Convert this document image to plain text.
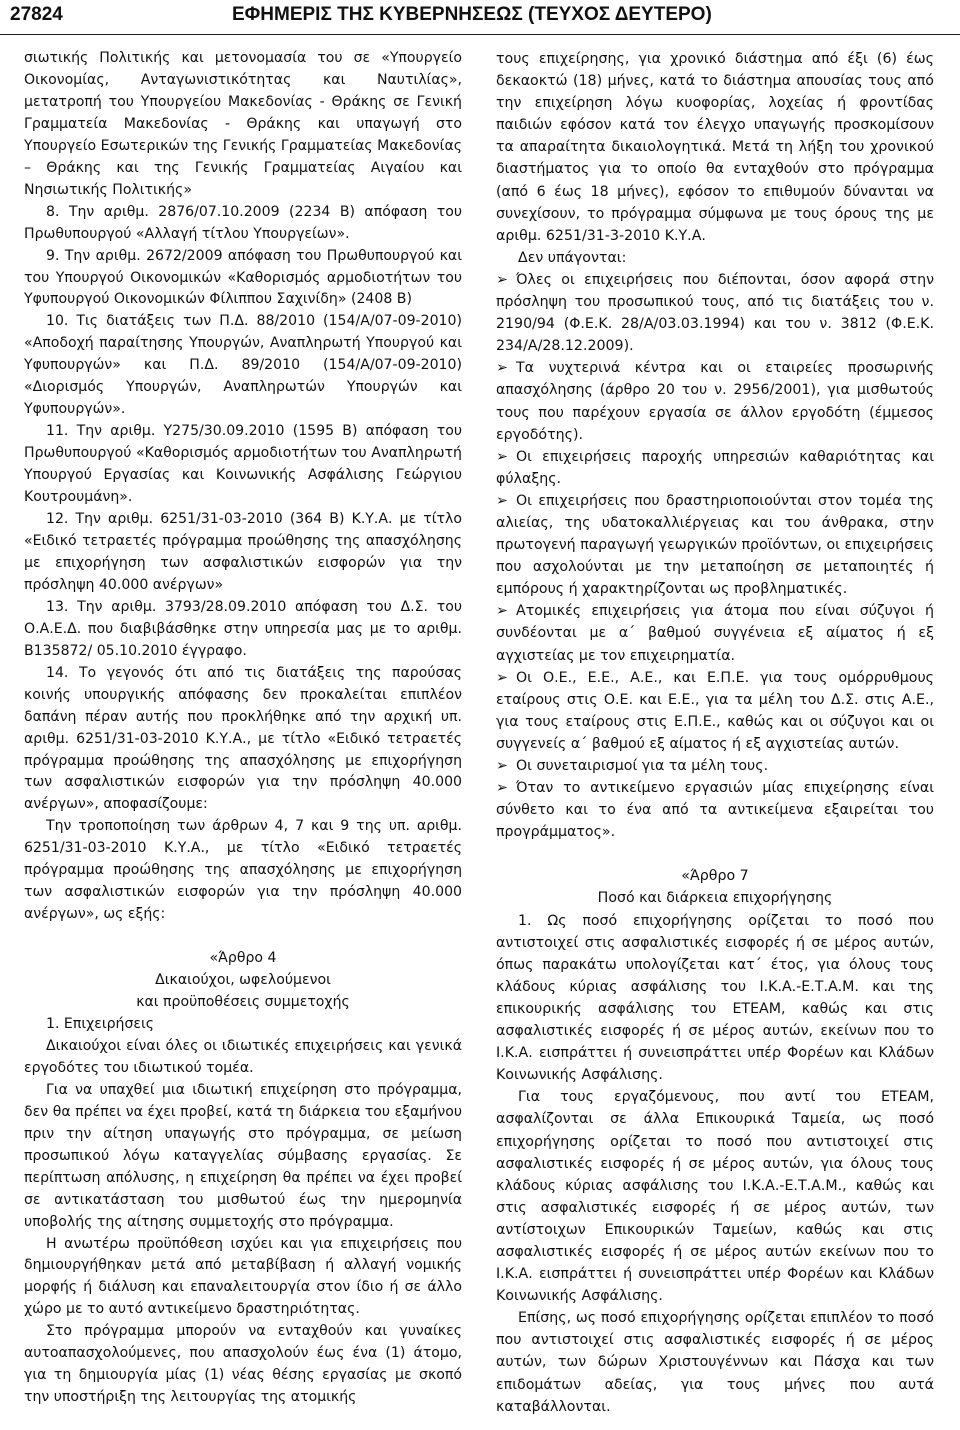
27824	ΕΦΗΜΕΡΙΣ ΤΗΣ ΚΥΒΕΡΝΗΣΕΩΣ (ΤΕΥΧΟΣ ΔΕΥΤΕΡΟ)

σιωτικής Πολιτικής και μετονομασία του σε «Υπουργείο Οικονομίας, Ανταγωνιστικότητας και Ναυτιλίας», μετατροπή του Υπουργείου Μακεδονίας - Θράκης σε Γενική Γραμματεία Μακεδονίας - Θράκης και υπαγωγή στο Υπουργείο Εσωτερικών της Γενικής Γραμματείας Μακεδονίας – Θράκης και της Γενικής Γραμματείας Αιγαίου και Νησιωτικής Πολιτικής»

8. Την αριθμ. 2876/07.10.2009 (2234 Β) απόφαση του Πρωθυπουργού «Αλλαγή τίτλου Υπουργείων».

9. Την αριθμ. 2672/2009 απόφαση του Πρωθυπουργού και του Υπουργού Οικονομικών «Καθορισμός αρμοδιοτήτων του Υφυπουργού Οικονομικών Φίλιππου Σαχινίδη» (2408 Β)

10. Τις διατάξεις των Π.Δ. 88/2010 (154/Α/07-09-2010) «Αποδοχή παραίτησης Υπουργών, Αναπληρωτή Υπουργού και Υφυπουργών» και Π.Δ. 89/2010 (154/Α/07-09-2010) «Διορισμός Υπουργών, Αναπληρωτών Υπουργών και Υφυπουργών».

11. Την αριθμ. Υ275/30.09.2010 (1595 Β) απόφαση του Πρωθυπουργού «Καθορισμός αρμοδιοτήτων του Αναπληρωτή Υπουργού Εργασίας και Κοινωνικής Ασφάλισης Γεώργιου Κουτρουμάνη».

12. Την αριθμ. 6251/31-03-2010 (364 Β) Κ.Υ.Α. με τίτλο «Ειδικό τετραετές πρόγραμμα προώθησης της απασχόλησης με επιχορήγηση των ασφαλιστικών εισφορών για την πρόσληψη 40.000 ανέργων»

13. Την αριθμ. 3793/28.09.2010 απόφαση του Δ.Σ. του Ο.Α.Ε.Δ. που διαβιβάσθηκε στην υπηρεσία μας με το αριθμ. Β135872/ 05.10.2010 έγγραφο.

14. Το γεγονός ότι από τις διατάξεις της παρούσας κοινής υπουργικής απόφασης δεν προκαλείται επιπλέον δαπάνη πέραν αυτής που προκλήθηκε από την αρχική υπ. αριθμ. 6251/31-03-2010 Κ.Υ.Α., με τίτλο «Ειδικό τετραετές πρόγραμμα προώθησης της απασχόλησης με επιχορήγηση των ασφαλιστικών εισφορών για την πρόσληψη 40.000 ανέργων», αποφασίζουμε:

Την τροποποίηση των άρθρων 4, 7 και 9 της υπ. αριθμ. 6251/31-03-2010 Κ.Υ.Α., με τίτλο «Ειδικό τετραετές πρόγραμμα προώθησης της απασχόλησης με επιχορήγηση των ασφαλιστικών εισφορών για την πρόσληψη 40.000 ανέργων», ως εξής:

«Άρθρο 4

Δικαιούχοι, ωφελούμενοι

και προϋποθέσεις συμμετοχής

1. Επιχειρήσεις

Δικαιούχοι είναι όλες οι ιδιωτικές επιχειρήσεις και γενικά εργοδότες του ιδιωτικού τομέα.

Για να υπαχθεί μια ιδιωτική επιχείρηση στο πρόγραμμα, δεν θα πρέπει να έχει προβεί, κατά τη διάρκεια του εξαμήνου πριν την αίτηση υπαγωγής στο πρόγραμμα, σε μείωση προσωπικού λόγω καταγγελίας σύμβασης εργασίας. Σε περίπτωση απόλυσης, η επιχείρηση θα πρέπει να έχει προβεί σε αντικατάσταση του μισθωτού έως την ημερομηνία υποβολής της αίτησης συμμετοχής στο πρόγραμμα.

Η ανωτέρω προϋπόθεση ισχύει και για επιχειρήσεις που δημιουργήθηκαν μετά από μεταβίβαση ή αλλαγή νομικής μορφής ή διάλυση και επαναλειτουργία στον ίδιο ή σε άλλο χώρο με το αυτό αντικείμενο δραστηριότητας.

Στο πρόγραμμα μπορούν να ενταχθούν και γυναίκες αυτοαπασχολούμενες, που απασχολούν έως ένα (1) άτομο, για τη δημιουργία μίας (1) νέας θέσης εργασίας με σκοπό την υποστήριξη της λειτουργίας της ατομικής

τους επιχείρησης, για χρονικό διάστημα από έξι (6) έως δεκαοκτώ (18) μήνες, κατά το διάστημα απουσίας τους από την επιχείρηση λόγω κυοφορίας, λοχείας ή φροντίδας παιδιών εφόσον κατά τον έλεγχο υπαγωγής προσκομίσουν τα απαραίτητα δικαιολογητικά. Μετά τη λήξη του χρονικού διαστήματος για το οποίο θα ενταχθούν στο πρόγραμμα (από 6 έως 18 μήνες), εφόσον το επιθυμούν δύνανται να συνεχίσουν, το πρόγραμμα σύμφωνα με τους όρους της με αριθμ. 6251/31-3-2010 Κ.Υ.Α.

Δεν υπάγονται:

➢ Όλες οι επιχειρήσεις που διέπονται, όσον αφορά στην πρόσληψη του προσωπικού τους, από τις διατάξεις του ν. 2190/94 (Φ.Ε.Κ. 28/Α/03.03.1994) και του ν. 3812 (Φ.Ε.Κ. 234/Α/28.12.2009).

➢ Τα νυχτερινά κέντρα και οι εταιρείες προσωρινής απασχόλησης (άρθρο 20 του ν. 2956/2001), για μισθωτούς τους που παρέχουν εργασία σε άλλον εργοδότη (έμμεσος εργοδότης).

➢ Οι επιχειρήσεις παροχής υπηρεσιών καθαριότητας και φύλαξης.

➢ Οι επιχειρήσεις που δραστηριοποιούνται στον τομέα της αλιείας, της υδατοκαλλιέργειας και του άνθρακα, στην πρωτογενή παραγωγή γεωργικών προϊόντων, οι επιχειρήσεις που ασχολούνται με την μεταποίηση σε μεταποιητές ή εμπόρους ή χαρακτηρίζονται ως προβληματικές.

➢ Ατομικές επιχειρήσεις για άτομα που είναι σύζυγοι ή συνδέονται με α΄ βαθμού συγγένεια εξ αίματος ή εξ αγχιστείας με τον επιχειρηματία.

➢ Οι Ο.Ε., Ε.Ε., Α.Ε., και Ε.Π.Ε. για τους ομόρρυθμους εταίρους στις Ο.Ε. και Ε.Ε., για τα μέλη του Δ.Σ. στις Α.Ε., για τους εταίρους στις Ε.Π.Ε., καθώς και οι σύζυγοι και οι συγγενείς α΄ βαθμού εξ αίματος ή εξ αγχιστείας αυτών.

➢ Οι συνεταιρισμοί για τα μέλη τους.

➢ Όταν το αντικείμενο εργασιών μίας επιχείρησης είναι σύνθετο και το ένα από τα αντικείμενα εξαιρείται του προγράμματος».

«Άρθρο 7

Ποσό και διάρκεια επιχορήγησης

1. Ως ποσό επιχορήγησης ορίζεται το ποσό που αντιστοιχεί στις ασφαλιστικές εισφορές ή σε μέρος αυτών, όπως παρακάτω υπολογίζεται κατ΄ έτος, για όλους τους κλάδους κύριας ασφάλισης του Ι.Κ.Α.-Ε.Τ.Α.Μ. και της επικουρικής ασφάλισης του ΕΤΕΑΜ, καθώς και στις ασφαλιστικές εισφορές ή σε μέρος αυτών, εκείνων που το Ι.Κ.Α. εισπράττει ή συνεισπράττει υπέρ Φορέων και Κλάδων Κοινωνικής Ασφάλισης.

Για τους εργαζόμενους, που αντί του ΕΤΕΑΜ, ασφαλίζονται σε άλλα Επικουρικά Ταμεία, ως ποσό επιχορήγησης ορίζεται το ποσό που αντιστοιχεί στις ασφαλιστικές εισφορές ή σε μέρος αυτών, για όλους τους κλάδους κύριας ασφάλισης του Ι.Κ.Α.-Ε.Τ.Α.Μ., καθώς και στις ασφαλιστικές εισφορές ή σε μέρος αυτών, των αντίστοιχων Επικουρικών Ταμείων, καθώς και στις ασφαλιστικές εισφορές ή σε μέρος αυτών εκείνων που το Ι.Κ.Α. εισπράττει ή συνεισπράττει υπέρ Φορέων και Κλάδων Κοινωνικής Ασφάλισης.

Επίσης, ως ποσό επιχορήγησης ορίζεται επιπλέον το ποσό που αντιστοιχεί στις ασφαλιστικές εισφορές ή σε μέρος αυτών, των δώρων Χριστουγέννων και Πάσχα και των επιδομάτων αδείας, για τους μήνες που αυτά καταβάλλονται.
